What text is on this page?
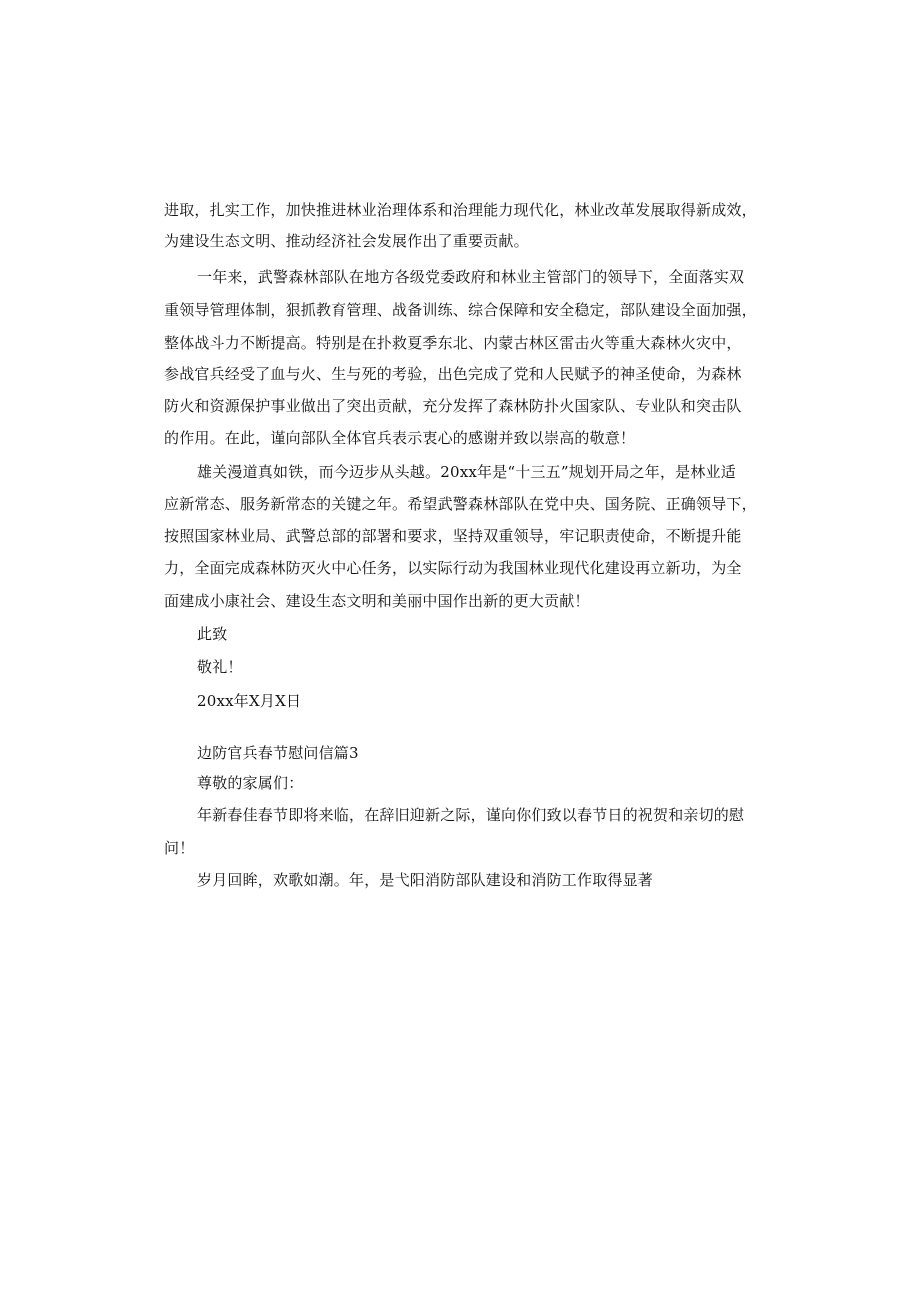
进取，扎实工作，加快推进林业治理体系和治理能力现代化，林业改革发展取得新成效，
为建设生态文明、推动经济社会发展作出了重要贡献。
一年来，武警森林部队在地方各级党委政府和林业主管部门的领导下，全面落实双
重领导管理体制，狠抓教育管理、战备训练、综合保障和安全稳定，部队建设全面加强，
整体战斗力不断提高。特别是在扑救夏季东北、内蒙古林区雷击火等重大森林火灾中，
参战官兵经受了血与火、生与死的考验，出色完成了党和人民赋予的神圣使命，为森林
防火和资源保护事业做出了突出贡献，充分发挥了森林防扑火国家队、专业队和突击队
的作用。在此，谨向部队全体官兵表示衷心的感谢并致以崇高的敬意！
雄关漫道真如铁，而今迈步从头越。20xx年是“十三五”规划开局之年，是林业适
应新常态、服务新常态的关键之年。希望武警森林部队在党中央、国务院、正确领导下，
按照国家林业局、武警总部的部署和要求，坚持双重领导，牢记职责使命，不断提升能
力，全面完成森林防灭火中心任务，以实际行动为我国林业现代化建设再立新功，为全
面建成小康社会、建设生态文明和美丽中国作出新的更大贡献！
此致
敬礼！
20xx年X月X日
边防官兵春节慰问信篇3
尊敬的家属们：
年新春佳春节即将来临，在辞旧迎新之际，谨向你们致以春节日的祝贺和亲切的慰
问！
岁月回眸，欢歌如潮。年，是弋阳消防部队建设和消防工作取得显著
